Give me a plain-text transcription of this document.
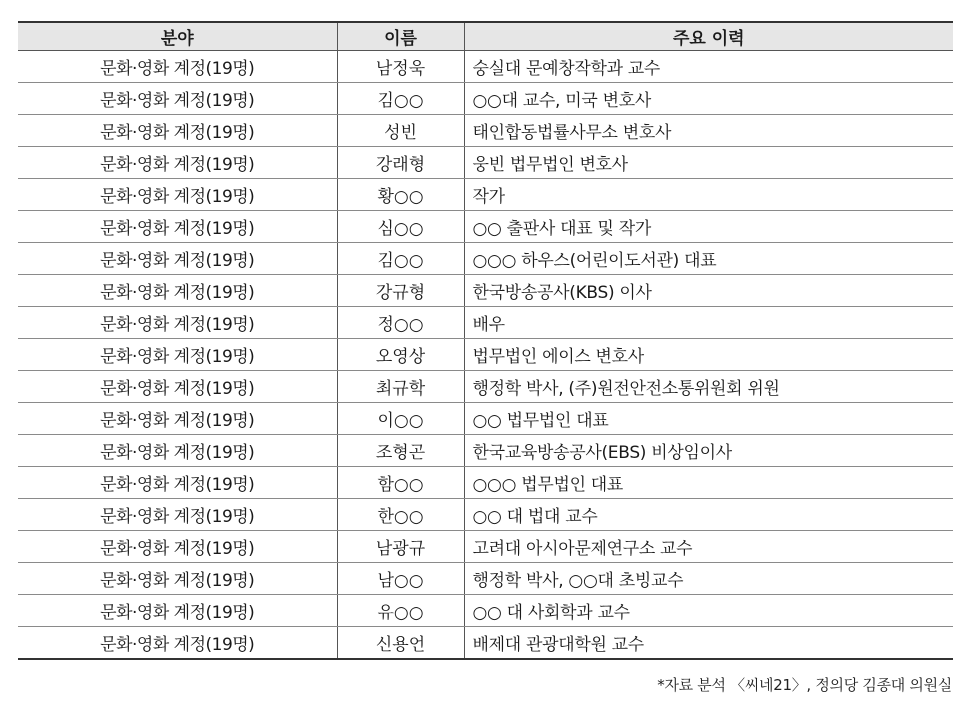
분야	이름	주요 이력
문화·영화 계정(19명)	남정욱	숭실대 문예창작학과 교수
문화·영화 계정(19명)	김○○	○○대 교수, 미국 변호사
문화·영화 계정(19명)	성빈	태인합동법률사무소 변호사
문화·영화 계정(19명)	강래형	웅빈 법무법인 변호사
문화·영화 계정(19명)	황○○	작가
문화·영화 계정(19명)	심○○	○○ 출판사 대표 및 작가
문화·영화 계정(19명)	김○○	○○○ 하우스(어린이도서관) 대표
문화·영화 계정(19명)	강규형	한국방송공사(KBS) 이사
문화·영화 계정(19명)	정○○	배우
문화·영화 계정(19명)	오영상	법무법인 에이스 변호사
문화·영화 계정(19명)	최규학	행정학 박사, (주)원전안전소통위원회 위원
문화·영화 계정(19명)	이○○	○○ 법무법인 대표
문화·영화 계정(19명)	조형곤	한국교육방송공사(EBS) 비상임이사
문화·영화 계정(19명)	함○○	○○○ 법무법인 대표
문화·영화 계정(19명)	한○○	○○ 대 법대 교수
문화·영화 계정(19명)	남광규	고려대 아시아문제연구소 교수
문화·영화 계정(19명)	남○○	행정학 박사, ○○대 초빙교수
문화·영화 계정(19명)	유○○	○○ 대 사회학과 교수
문화·영화 계정(19명)	신용언	배제대 관광대학원 교수
*자료 분석 〈씨네21〉, 정의당 김종대 의원실
